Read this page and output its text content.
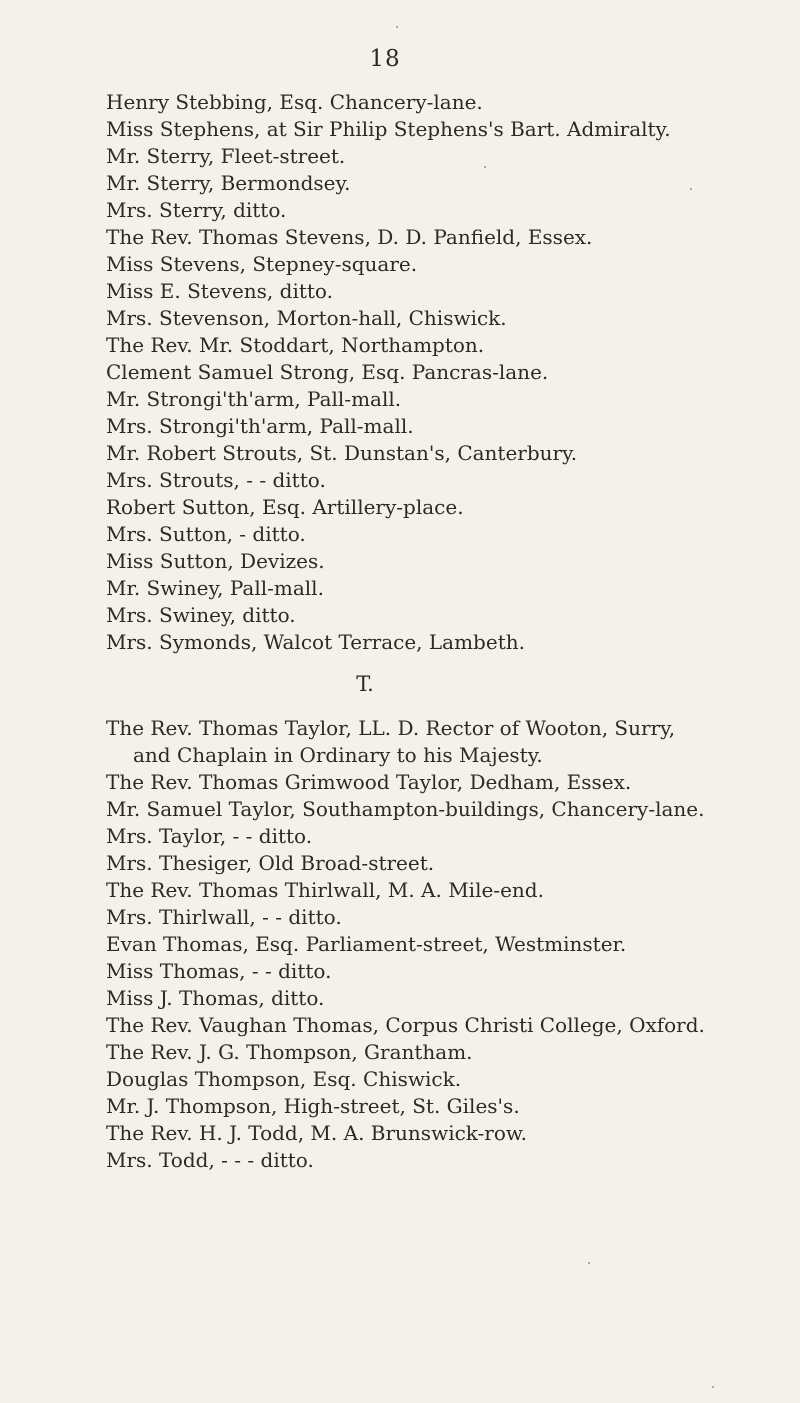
18
Henry Stebbing, Esq. Chancery-lane.
Miss Stephens, at Sir Philip Stephens's Bart. Admiralty.
Mr. Sterry, Fleet-street.
Mr. Sterry, Bermondsey.
Mrs. Sterry, ditto.
The Rev. Thomas Stevens, D. D. Panfield, Essex.
Miss Stevens, Stepney-square.
Miss E. Stevens, ditto.
Mrs. Stevenson, Morton-hall, Chiswick.
The Rev. Mr. Stoddart, Northampton.
Clement Samuel Strong, Esq. Pancras-lane.
Mr. Strongi'th'arm, Pall-mall.
Mrs. Strongi'th'arm, Pall-mall.
Mr. Robert Strouts, St. Dunstan's, Canterbury.
Mrs. Strouts, - - ditto.
Robert Sutton, Esq. Artillery-place.
Mrs. Sutton, - ditto.
Miss Sutton, Devizes.
Mr. Swiney, Pall-mall.
Mrs. Swiney, ditto.
Mrs. Symonds, Walcot Terrace, Lambeth.
T.
The Rev. Thomas Taylor, LL. D. Rector of Wooton, Surry,
and Chaplain in Ordinary to his Majesty.
The Rev. Thomas Grimwood Taylor, Dedham, Essex.
Mr. Samuel Taylor, Southampton-buildings, Chancery-lane.
Mrs. Taylor, - - ditto.
Mrs. Thesiger, Old Broad-street.
The Rev. Thomas Thirlwall, M. A. Mile-end.
Mrs. Thirlwall, - - ditto.
Evan Thomas, Esq. Parliament-street, Westminster.
Miss Thomas, - - ditto.
Miss J. Thomas, ditto.
The Rev. Vaughan Thomas, Corpus Christi College, Oxford.
The Rev. J. G. Thompson, Grantham.
Douglas Thompson, Esq. Chiswick.
Mr. J. Thompson, High-street, St. Giles's.
The Rev. H. J. Todd, M. A. Brunswick-row.
Mrs. Todd, - - - ditto.
